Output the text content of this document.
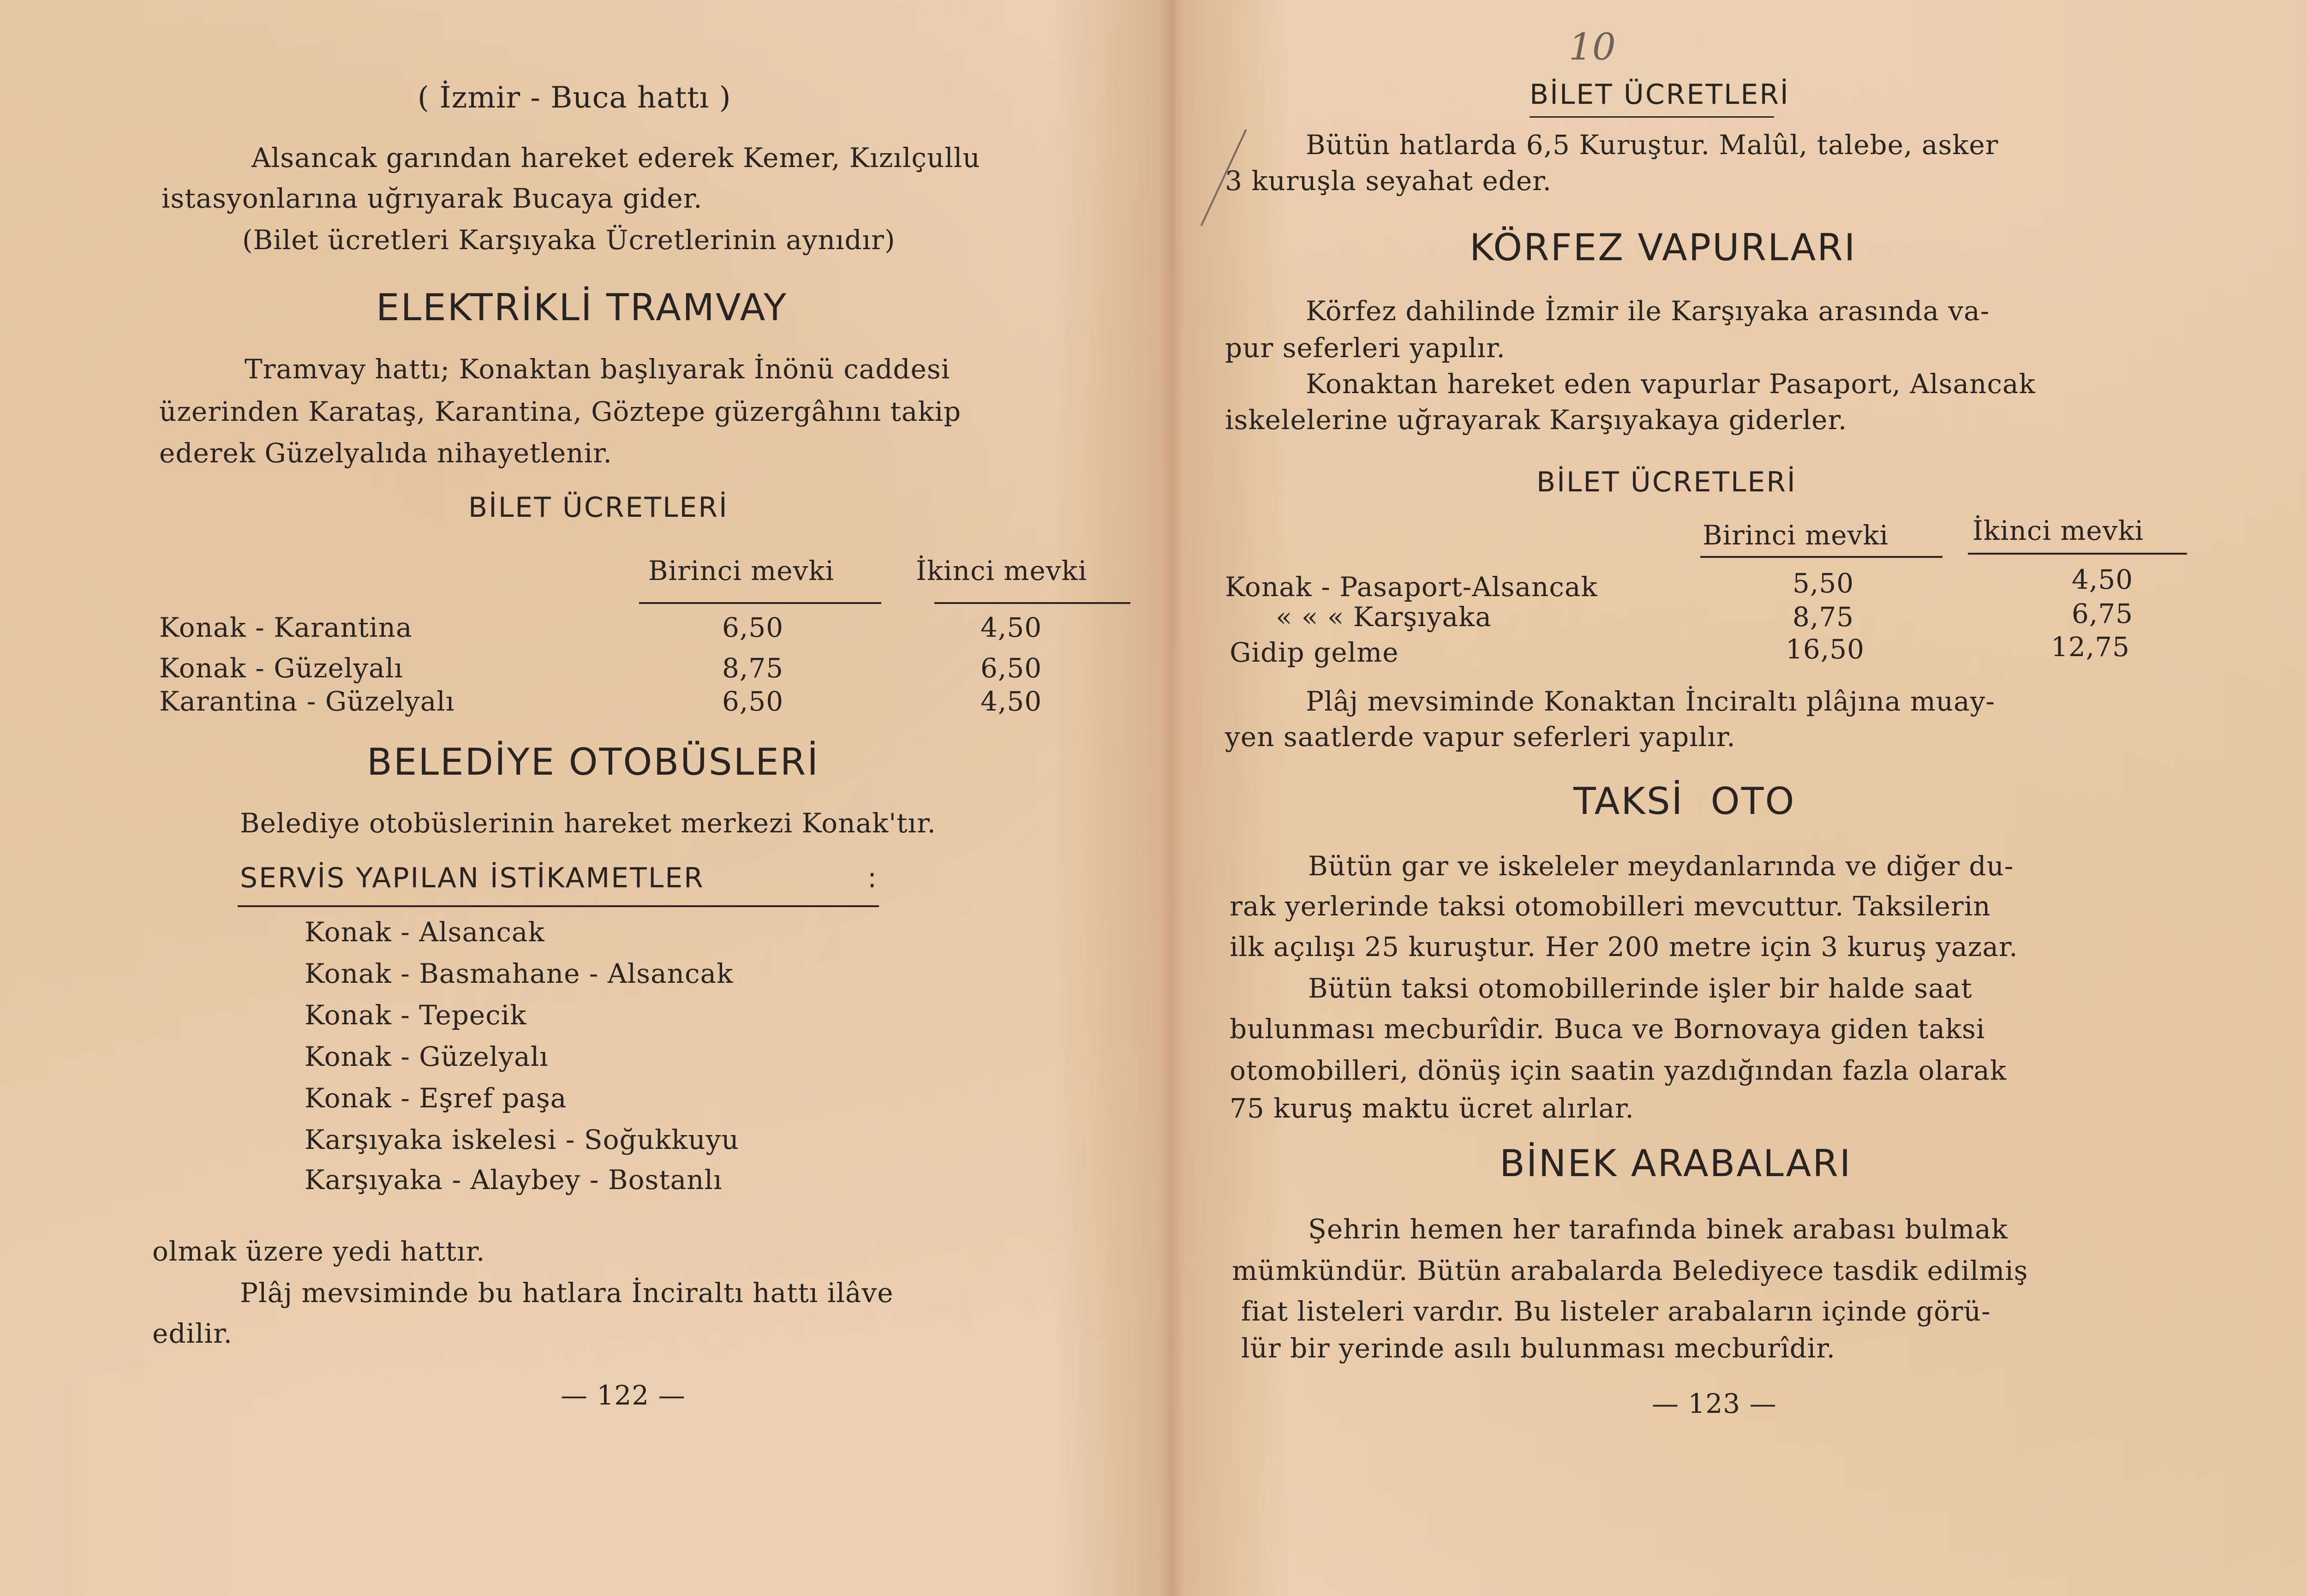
( İzmir - Buca hattı )
Alsancak garından hareket ederek Kemer, Kızılçullu
istasyonlarına uğrıyarak Bucaya gider.
(Bilet ücretleri Karşıyaka Ücretlerinin aynıdır)
ELEKTRİKLİ TRAMVAY
Tramvay hattı; Konaktan başlıyarak İnönü caddesi
üzerinden Karataş, Karantina, Göztepe güzergâhını takip
ederek Güzelyalıda nihayetlenir.
BİLET ÜCRETLERİ
Birinci mevki	İkinci mevki
Konak - Karantina	6,50	4,50
Konak - Güzelyalı	8,75	6,50
Karantina - Güzelyalı	6,50	4,50
BELEDİYE OTOBÜSLERİ
Belediye otobüslerinin hareket merkezi Konak'tır.
SERVİS YAPILAN İSTİKAMETLER	:
Konak - Alsancak
Konak - Basmahane - Alsancak
Konak - Tepecik
Konak - Güzelyalı
Konak - Eşref paşa
Karşıyaka iskelesi - Soğukkuyu
Karşıyaka - Alaybey - Bostanlı
olmak üzere yedi hattır.
Plâj mevsiminde bu hatlara İnciraltı hattı ilâve
edilir.
— 122 —
10
BİLET ÜCRETLERİ
Bütün hatlarda 6,5 Kuruştur. Malûl, talebe, asker
3 kuruşla seyahat eder.
KÖRFEZ VAPURLARI
Körfez dahilinde İzmir ile Karşıyaka arasında va-
pur seferleri yapılır.
Konaktan hareket eden vapurlar Pasaport, Alsancak
iskelelerine uğrayarak Karşıyakaya giderler.
BİLET ÜCRETLERİ
Birinci mevki	İkinci mevki
Konak - Pasaport-Alsancak	5,50	4,50
« « « Karşıyaka	8,75	6,75
Gidip gelme	16,50	12,75
Plâj mevsiminde Konaktan İnciraltı plâjına muay-
yen saatlerde vapur seferleri yapılır.
TAKSİ OTO
Bütün gar ve iskeleler meydanlarında ve diğer du-
rak yerlerinde taksi otomobilleri mevcuttur. Taksilerin
ilk açılışı 25 kuruştur. Her 200 metre için 3 kuruş yazar.
Bütün taksi otomobillerinde işler bir halde saat
bulunması mecburîdir. Buca ve Bornovaya giden taksi
otomobilleri, dönüş için saatin yazdığından fazla olarak
75 kuruş maktu ücret alırlar.
BİNEK ARABALARI
Şehrin hemen her tarafında binek arabası bulmak
mümkündür. Bütün arabalarda Belediyece tasdik edilmiş
fiat listeleri vardır. Bu listeler arabaların içinde görü-
lür bir yerinde asılı bulunması mecburîdir.
— 123 —
